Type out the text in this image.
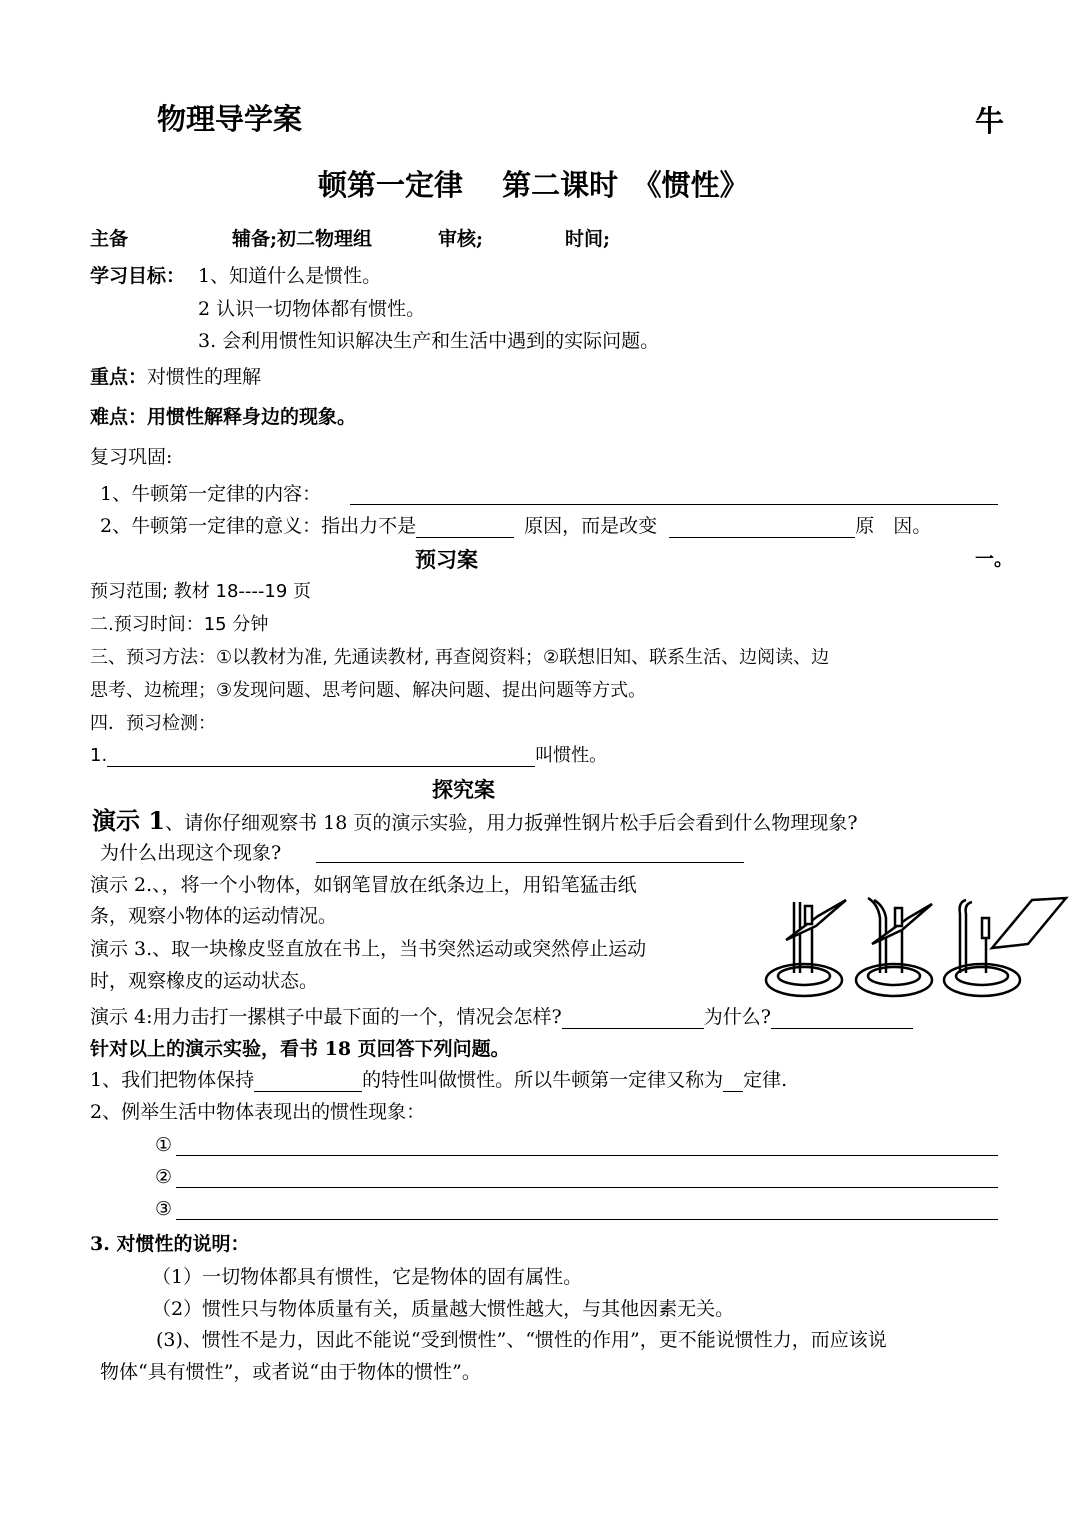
物理导学案	牛
顿第一定律　 第二课时　《惯性》
主备	辅备;初二物理组	审核;	时间;
学习目标： 1、知道什么是惯性。
2 认识一切物体都有惯性。
3. 会利用惯性知识解决生产和生活中遇到的实际问题。
重点：对惯性的理解
难点：用惯性解释身边的现象。
复习巩固:
1、牛顿第一定律的内容：
2、牛顿第一定律的意义：指出力不是	原因，而是改变	原　因。
预习案	一。
预习范围; 教材 18----19 页
二.预习时间：15 分钟
三、预习方法：①以教材为准, 先通读教材, 再查阅资料；②联想旧知、联系生活、边阅读、边
思考、边梳理；③发现问题、思考问题、解决问题、提出问题等方式。
四．预习检测：
1.	叫惯性。
探究案
演示 1、请你仔细观察书 18 页的演示实验，用力扳弹性钢片松手后会看到什么物理现象?
为什么出现这个现象?
演示 2.、，将一个小物体，如钢笔冒放在纸条边上，用铅笔猛击纸
条，观察小物体的运动情况。
演示 3.、取一块橡皮竖直放在书上，当书突然运动或突然停止运动
时，观察橡皮的运动状态。
演示 4:用力击打一摞棋子中最下面的一个，情况会怎样?	为什么?
针对以上的演示实验，看书 18 页回答下列问题。
1、我们把物体保持	的特性叫做惯性。所以牛顿第一定律又称为 定律.
2、例举生活中物体表现出的惯性现象：
①
②
③
3. 对惯性的说明：
（1）一切物体都具有惯性，它是物体的固有属性。
（2）惯性只与物体质量有关，质量越大惯性越大，与其他因素无关。
(3)、惯性不是力，因此不能说“受到惯性”、“惯性的作用”，更不能说惯性力，而应该说
物体“具有惯性”，或者说“由于物体的惯性”。
